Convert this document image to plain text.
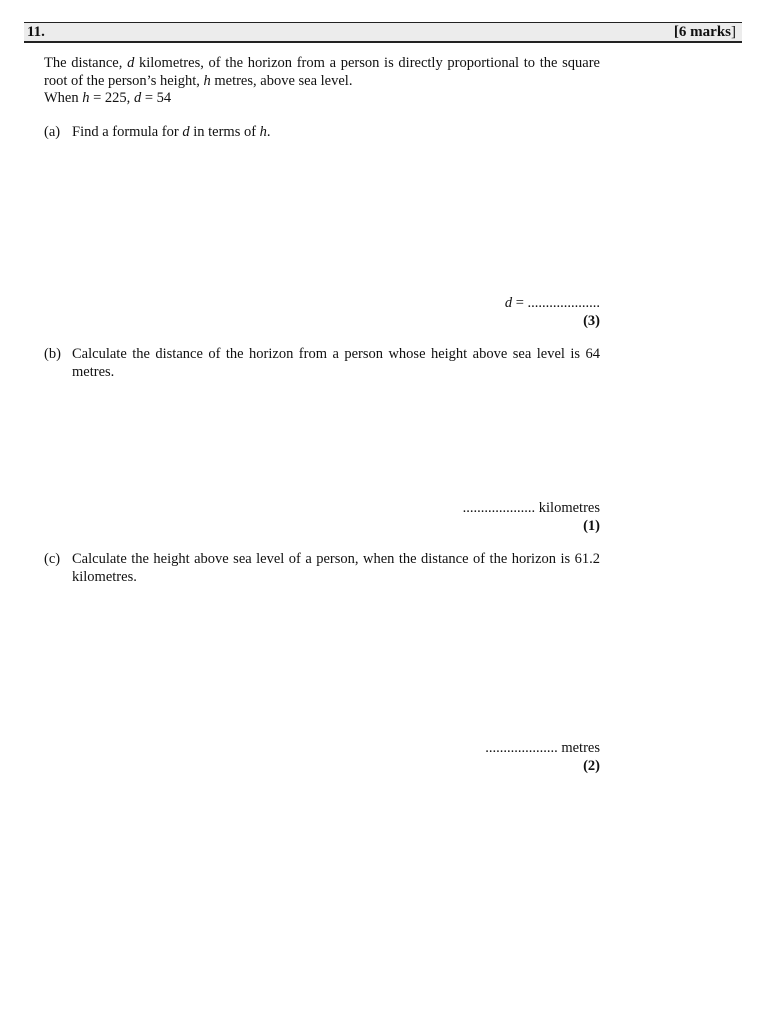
11.	[6 marks]

The distance, d kilometres, of the horizon from a person is directly proportional to the square root of the person’s height, h metres, above sea level.

When h = 225, d = 54

(a) Find a formula for d in terms of h.
d = ....................
(3)
(b) Calculate the distance of the horizon from a person whose height above sea level is 64 metres.
.................... kilometres
(1)
(c) Calculate the height above sea level of a person, when the distance of the horizon is 61.2 kilometres.
.................... metres
(2)
